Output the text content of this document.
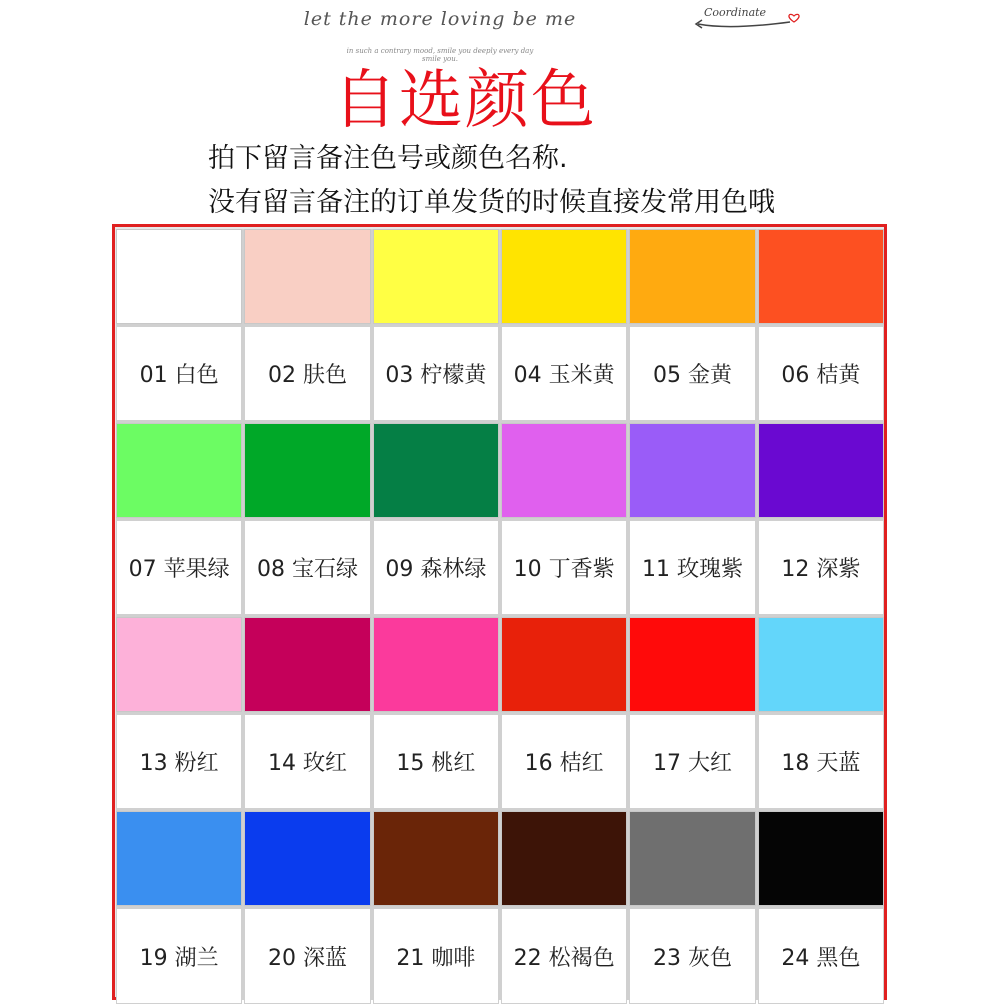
let the more loving be me
in such a contrary mood, smile you deeply every day smile you.
Coordinate
自选颜色
拍下留言备注色号或颜色名称.
没有留言备注的订单发货的时候直接发常用色哦
01 白色	02 肤色	03 柠檬黄	04 玉米黄	05 金黄	06 桔黄
07 苹果绿	08 宝石绿	09 森林绿	10 丁香紫	11 玫瑰紫	12 深紫
13 粉红	14 玫红	15 桃红	16 桔红	17 大红	18 天蓝
19 湖兰	20 深蓝	21 咖啡	22 松褐色	23 灰色	24 黑色
